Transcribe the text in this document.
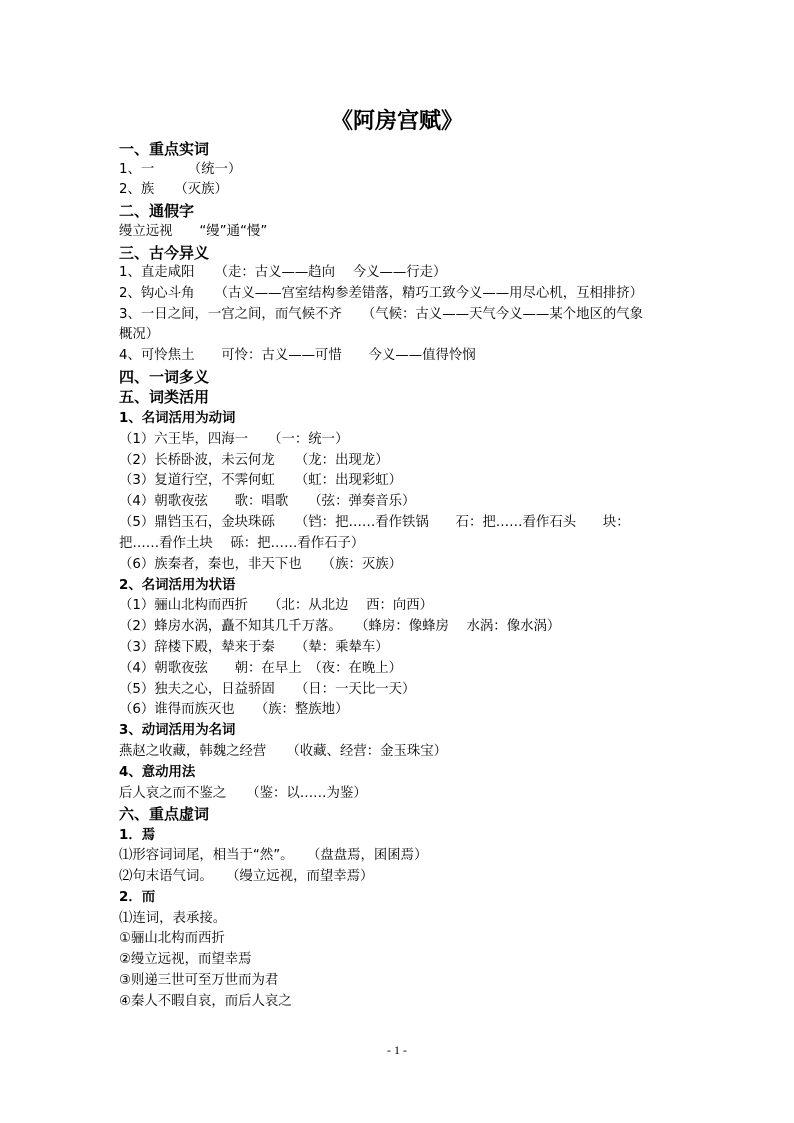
《阿房宫赋》
一、重点实词
1、一　　　（统一）
2、族　　（灭族）
二、通假字
缦立远视　　“缦”通“慢”
三、古今异义
1、直走咸阳　　（走：古义——趋向　 今义——行走）
2、钩心斗角　　（古义——宫室结构参差错落，精巧工致今义——用尽心机，互相排挤）
3、一日之间，一宫之间，而气候不齐　　（气候：古义——天气今义——某个地区的气象
概况）
4、可怜焦土　　可怜：古义——可惜　　今义——值得怜悯
四、一词多义
五、词类活用
1、名词活用为动词
（1）六王毕，四海一　　（一：统一）
（2）长桥卧波，未云何龙　　（龙：出现龙）
（3）复道行空，不霁何虹　　（虹：出现彩虹）
（4）朝歌夜弦　　歌：唱歌　　（弦：弹奏音乐）
（5）鼎铛玉石，金块珠砾　　（铛：把……看作铁锅　　石：把……看作石头　　块：
把……看作土块　 砾：把……看作石子）
（6）族秦者，秦也，非天下也　　（族：灭族）
2、名词活用为状语
（1）骊山北构而西折　　（北：从北边　 西：向西）
（2）蜂房水涡，矗不知其几千万落。　　（蜂房：像蜂房　 水涡：像水涡）
（3）辞楼下殿，辇来于秦　　（辇：乘辇车）
（4）朝歌夜弦　　朝：在早上　（夜：在晚上）
（5）独夫之心，日益骄固　　（日：一天比一天）
（6）谁得而族灭也　　（族：整族地）
3、动词活用为名词
燕赵之收藏，韩魏之经营　　（收藏、经营：金玉珠宝）
4、意动用法
后人哀之而不鉴之　　（鉴：以……为鉴）
六、重点虚词
1．焉
⑴形容词词尾，相当于“然”。　　（盘盘焉，囷囷焉）
⑵句末语气词。　　（缦立远视，而望幸焉）
2．而
⑴连词，表承接。
①骊山北构而西折
②缦立远视，而望幸焉
③则递三世可至万世而为君
④秦人不暇自哀，而后人哀之
- 1 -
